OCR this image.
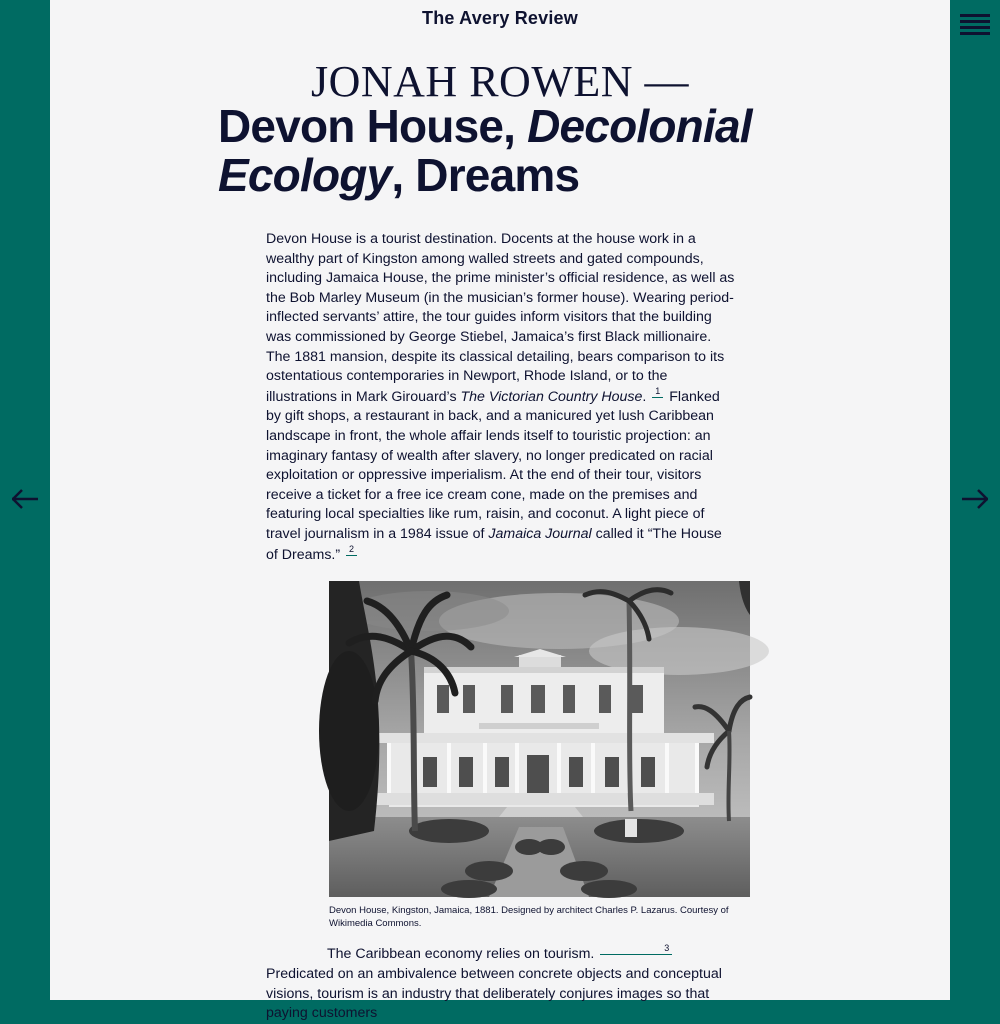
The Avery Review
JONAH ROWEN —
Devon House, Decolonial Ecology, Dreams

Devon House is a tourist destination. Docents at the house work in a wealthy part of Kingston among walled streets and gated compounds, including Jamaica House, the prime minister’s official residence, as well as the Bob Marley Museum (in the musician’s former house). Wearing period-inflected servants’ attire, the tour guides inform visitors that the building was commissioned by George Stiebel, Jamaica’s first Black millionaire. The 1881 mansion, despite its classical detailing, bears comparison to its ostentatious contemporaries in Newport, Rhode Island, or to the illustrations in Mark Girouard’s The Victorian Country House. 1 Flanked by gift shops, a restaurant in back, and a manicured yet lush Caribbean landscape in front, the whole affair lends itself to touristic projection: an imaginary fantasy of wealth after slavery, no longer predicated on racial exploitation or oppressive imperialism. At the end of their tour, visitors receive a ticket for a free ice cream cone, made on the premises and featuring local specialties like rum, raisin, and coconut. A light piece of travel journalism in a 1984 issue of Jamaica Journal called it “The House of Dreams.” 2

Devon House, Kingston, Jamaica, 1881. Designed by architect Charles P. Lazarus. Courtesy of Wikimedia Commons.

The Caribbean economy relies on tourism.	3 Predicated on an ambivalence between concrete objects and conceptual visions, tourism is an industry that deliberately conjures images so that paying customers
